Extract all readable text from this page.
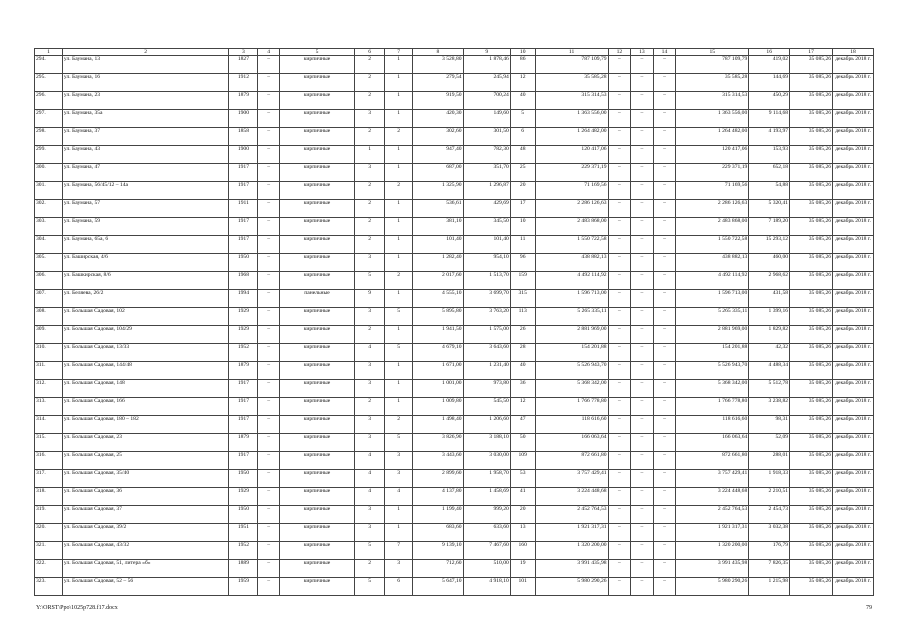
1	2	3	4	5	6	7	8	9	10	11	12	13	14	15	16	17	18
294.	ул. Баумана, 13	1827	–	кирпичные	2	1	3 528,80	1 878,46	86	787 109,79	–	–	–	787 109,79	419,02	35 085,26	декабрь 2018 г.
295.	ул. Баумана, 16	1912	–	кирпичные	2	1	279,54	245,94	12	35 585,28	–	–	–	35 585,28	144,69	35 085,26	декабрь 2018 г.
296.	ул. Баумана, 23	1879	–	кирпичные	2	1	919,50	700,24	40	315 314,53	–	–	–	315 314,53	450,29	35 085,26	декабрь 2018 г.
297.	ул. Баумана, 35а	1900	–	кирпичные	3	1	420,30	149,60	5	1 363 556,00	–	–	–	1 363 556,00	9 114,68	35 085,26	декабрь 2018 г.
298.	ул. Баумана, 37	1858	–	кирпичные	2	2	302,60	301,50	6	1 264 482,00	–	–	–	1 264 482,00	4 193,97	35 085,26	декабрь 2018 г.
299.	ул. Баумана, 43	1900	–	кирпичные	1	1	947,40	782,30	48	120 417,06	–	–	–	120 417,06	153,93	35 085,26	декабрь 2018 г.
300.	ул. Баумана, 47	1917	–	кирпичные	3	1	687,00	351,70	25	229 371,19	–	–	–	229 371,19	652,18	35 085,26	декабрь 2018 г.
301.	ул. Баумана, 56/45/12 – 14а	1917	–	кирпичные	2	2	1 325,90	1 296,87	20	71 169,56	–	–	–	71 169,56	54,88	35 085,26	декабрь 2018 г.
302.	ул. Баумана, 57	1911	–	кирпичные	2	1	536,61	429,69	17	2 286 126,63	–	–	–	2 286 126,63	5 320,41	35 085,26	декабрь 2018 г.
303.	ул. Баумана, 59	1917	–	кирпичные	2	1	381,10	345,50	10	2 483 868,00	–	–	–	2 483 868,00	7 189,20	35 085,26	декабрь 2018 г.
304.	ул. Баумана, 65а, 6	1917	–	кирпичные	2	1	101,40	101,40	11	1 550 722,58	–	–	–	1 550 722,58	15 293,12	35 085,26	декабрь 2018 г.
305.	ул. Баширская, 4/6	1950	–	кирпичные	3	1	1 282,40	954,10	96	438 882,13	–	–	–	438 882,13	460,00	35 085,26	декабрь 2018 г.
306.	ул. Башкирская, 8/6	1968	–	кирпичные	5	2	2 017,60	1 513,70	159	4 492 114,92	–	–	–	4 492 114,92	2 968,62	35 085,26	декабрь 2018 г.
307.	ул. Беляева, 26/2	1994	–	панельные	9	1	4 555,10	3 699,70	315	1 596 713,00	–	–	–	1 596 713,00	431,58	35 085,26	декабрь 2018 г.
308.	ул. Большая Садовая, 102	1929	–	кирпичные	3	5	5 895,80	3 763,20	113	5 265 335,11	–	–	–	5 265 335,11	1 399,16	35 085,26	декабрь 2018 г.
309.	ул. Большая Садовая, 104/29	1929	–	кирпичные	2	1	1 941,50	1 575,00	26	2 881 969,00	–	–	–	2 881 969,00	1 829,82	35 085,26	декабрь 2018 г.
310.	ул. Большая Садовая, 13/33	1952	–	кирпичные	4	5	4 679,10	3 643,60	28	154 201,88	–	–	–	154 201,88	42,32	35 085,26	декабрь 2018 г.
311.	ул. Большая Садовая, 144/48	1879	–	кирпичные	3	1	1 671,00	1 231,40	40	5 526 943,70	–	–	–	5 526 943,70	4 488,34	35 085,26	декабрь 2018 г.
312.	ул. Большая Садовая, 148	1917	–	кирпичные	3	1	1 001,00	973,80	36	5 368 342,00	–	–	–	5 368 342,00	5 512,78	35 085,26	декабрь 2018 г.
313.	ул. Большая Садовая, 166	1917	–	кирпичные	2	1	1 009,80	545,50	12	1 766 778,80	–	–	–	1 766 778,80	3 238,82	35 085,26	декабрь 2018 г.
314.	ул. Большая Садовая, 180 – 182	1917	–	кирпичные	3	2	1 498,40	1 206,60	47	118 616,60	–	–	–	118 616,60	98,31	35 085,26	декабрь 2018 г.
315.	ул. Большая Садовая, 23	1879	–	кирпичные	3	5	3 826,90	3 188,10	50	166 063,64	–	–	–	166 063,64	52,09	35 085,26	декабрь 2018 г.
316.	ул. Большая Садовая, 25	1917	–	кирпичные	4	3	3 443,60	3 030,00	109	872 661,80	–	–	–	872 661,80	288,01	35 085,26	декабрь 2018 г.
317.	ул. Большая Садовая, 35/40	1950	–	кирпичные	4	3	2 899,60	1 958,70	53	3 757 429,41	–	–	–	3 757 429,41	1 918,33	35 085,26	декабрь 2018 г.
318.	ул. Большая Садовая, 36	1929	–	кирпичные	4	4	4 137,80	1 458,69	41	3 224 448,68	–	–	–	3 224 448,68	2 210,51	35 085,26	декабрь 2018 г.
319.	ул. Большая Садовая, 37	1950	–	кирпичные	3	1	1 199,40	999,20	20	2 452 764,53	–	–	–	2 452 764,53	2 454,73	35 085,26	декабрь 2018 г.
320.	ул. Большая Садовая, 39/2	1951	–	кирпичные	3	1	683,60	633,60	13	1 921 317,31	–	–	–	1 921 317,31	3 032,38	35 085,26	декабрь 2018 г.
321.	ул. Большая Садовая, 43/32	1952	–	кирпичные	5	7	9 139,10	7 467,60	160	1 320 200,00	–	–	–	1 320 200,00	176,79	35 085,26	декабрь 2018 г.
322.	ул. Большая Садовая, 51, литера «б»	1889	–	кирпичные	2	3	712,60	510,00	19	3 991 435,98	–	–	–	3 991 435,98	7 826,35	35 085,26	декабрь 2018 г.
323.	ул. Большая Садовая, 52 – 56	1959	–	кирпичные	5	6	5 647,10	4 918,10	101	5 980 290,26	–	–	–	5 980 290,26	1 215,98	35 085,26	декабрь 2018 г.
Y:\ORST\Ppo\1025p728.f17.docx	79
